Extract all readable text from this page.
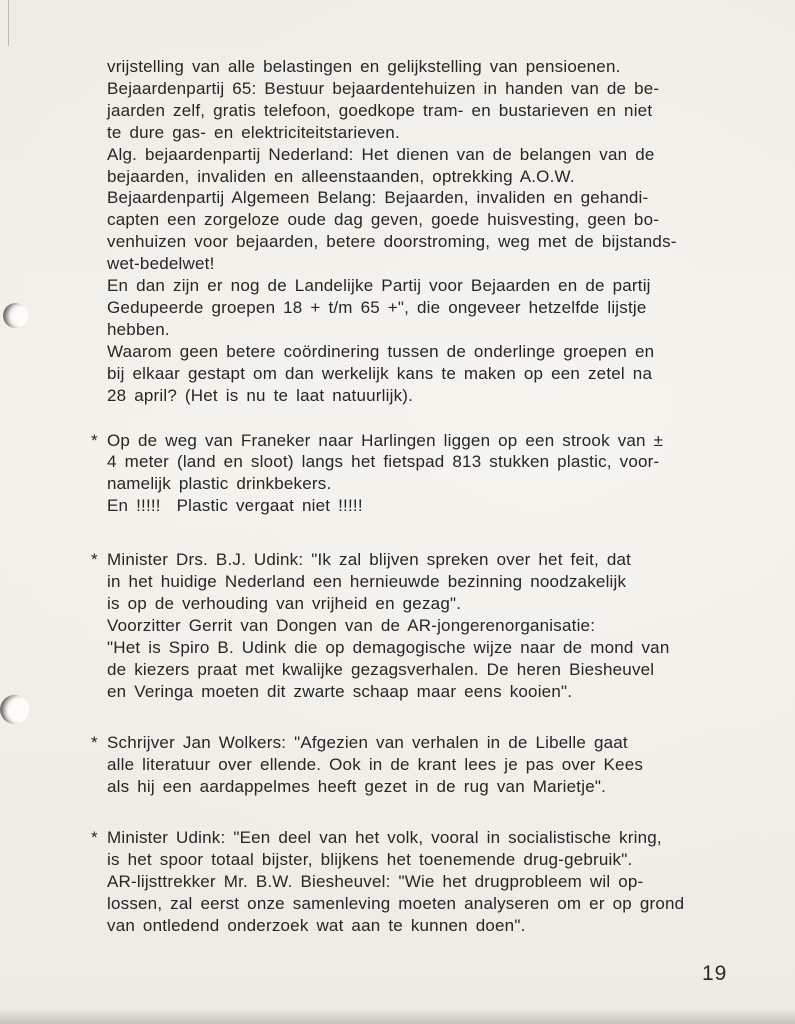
vrijstelling van alle belastingen en gelijkstelling van pensioenen.
Bejaardenpartij 65: Bestuur bejaardentehuizen in handen van de be-
jaarden zelf, gratis telefoon, goedkope tram- en bustarieven en niet
te dure gas- en elektriciteitstarieven.
Alg. bejaardenpartij Nederland: Het dienen van de belangen van de
bejaarden, invaliden en alleenstaanden, optrekking A.O.W.
Bejaardenpartij Algemeen Belang: Bejaarden, invaliden en gehandi-
capten een zorgeloze oude dag geven, goede huisvesting, geen bo-
venhuizen voor bejaarden, betere doorstroming, weg met de bijstands-
wet-bedelwet!
En dan zijn er nog de Landelijke Partij voor Bejaarden en de partij
Gedupeerde groepen 18 + t/m 65 +", die ongeveer hetzelfde lijstje
hebben.
Waarom geen betere coördinering tussen de onderlinge groepen en
bij elkaar gestapt om dan werkelijk kans te maken op een zetel na
28 april? (Het is nu te laat natuurlijk).
* Op de weg van Franeker naar Harlingen liggen op een strook van ±
4 meter (land en sloot) langs het fietspad 813 stukken plastic, voor-
namelijk plastic drinkbekers.
En !!!!!  Plastic vergaat niet !!!!!
* Minister Drs. B.J. Udink: "Ik zal blijven spreken over het feit, dat
in het huidige Nederland een hernieuwde bezinning noodzakelijk
is op de verhouding van vrijheid en gezag".
Voorzitter Gerrit van Dongen van de AR-jongerenorganisatie:
"Het is Spiro B. Udink die op demagogische wijze naar de mond van
de kiezers praat met kwalijke gezagsverhalen. De heren Biesheuvel
en Veringa moeten dit zwarte schaap maar eens kooien".
* Schrijver Jan Wolkers: "Afgezien van verhalen in de Libelle gaat
alle literatuur over ellende. Ook in de krant lees je pas over Kees
als hij een aardappelmes heeft gezet in de rug van Marietje".
* Minister Udink: "Een deel van het volk, vooral in socialistische kring,
is het spoor totaal bijster, blijkens het toenemende drug-gebruik".
AR-lijsttrekker Mr. B.W. Biesheuvel: "Wie het drugprobleem wil op-
lossen, zal eerst onze samenleving moeten analyseren om er op grond
van ontledend onderzoek wat aan te kunnen doen".
19
